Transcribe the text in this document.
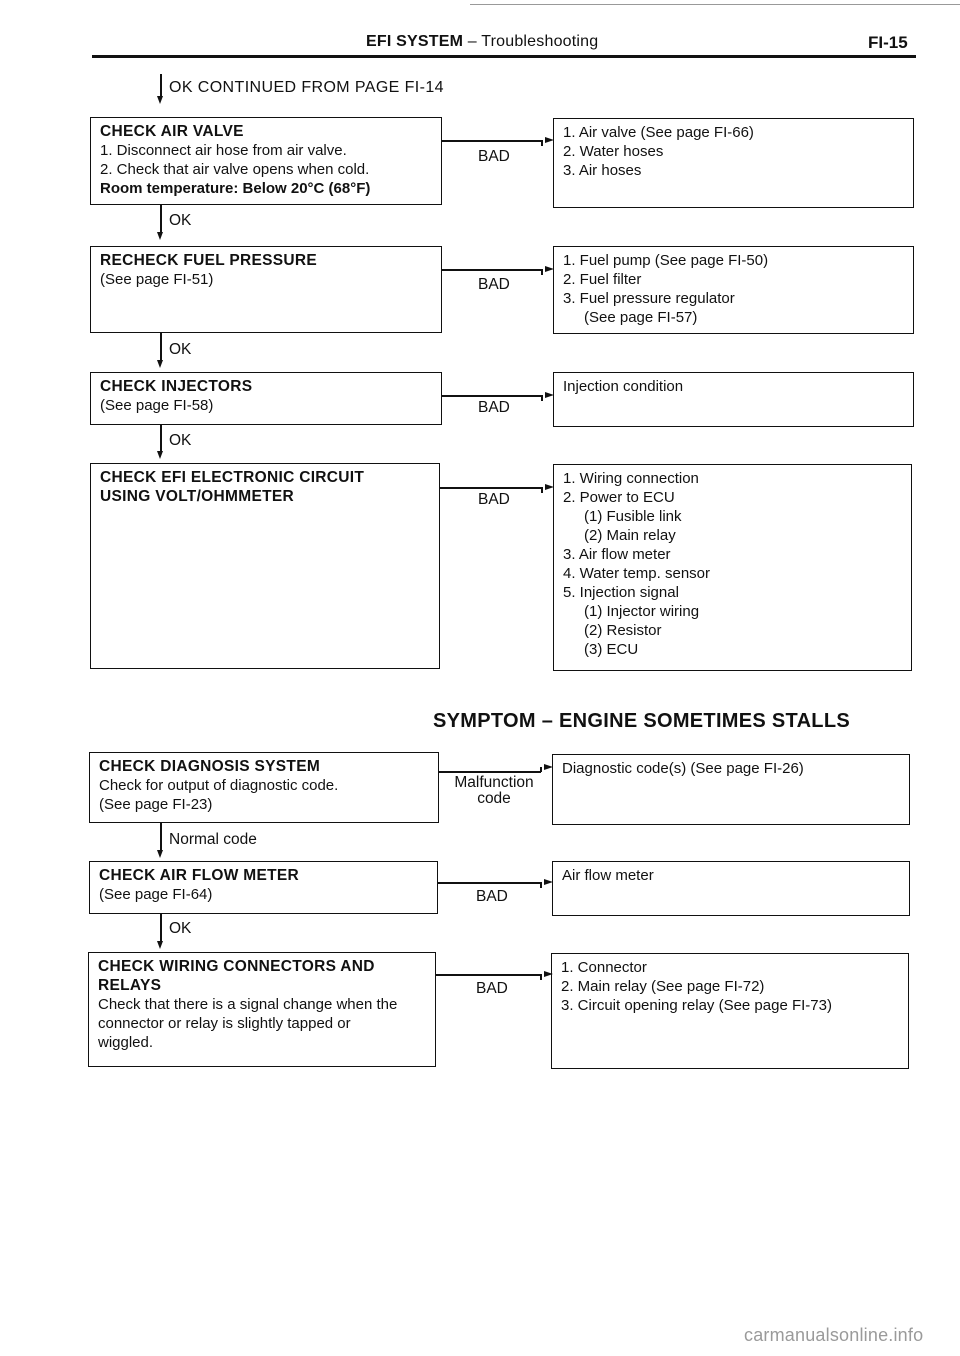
EFI SYSTEM – Troubleshooting	FI-15
OK CONTINUED FROM PAGE FI-14
CHECK AIR VALVE
1. Disconnect air hose from air valve.
2. Check that air valve opens when cold.
Room temperature: Below 20°C (68°F)
BAD
1. Air valve (See page FI-66)
2. Water hoses
3. Air hoses
OK
RECHECK FUEL PRESSURE
(See page FI-51)	BAD
1. Fuel pump (See page FI-50)
2. Fuel filter
3. Fuel pressure regulator
(See page FI-57)
OK
CHECK INJECTORS
(See page FI-58)	BAD
Injection condition
OK
CHECK EFI ELECTRONIC CIRCUIT
USING VOLT/OHMMETER	BAD
1. Wiring connection
2. Power to ECU
(1) Fusible link
(2) Main relay
3. Air flow meter
4. Water temp. sensor
5. Injection signal
(1) Injector wiring
(2) Resistor
(3) ECU
SYMPTOM – ENGINE SOMETIMES STALLS
CHECK DIAGNOSIS SYSTEM
Check for output of diagnostic code.
(See page FI-23)
Malfunction
code
Diagnostic code(s) (See page FI-26)
Normal code
CHECK AIR FLOW METER
(See page FI-64)	BAD
Air flow meter
OK
CHECK WIRING CONNECTORS AND
RELAYS
Check that there is a signal change when the
connector or relay is slightly tapped or
wiggled.
BAD
1. Connector
2. Main relay (See page FI-72)
3. Circuit opening relay (See page FI-73)
carmanualsonline.info
